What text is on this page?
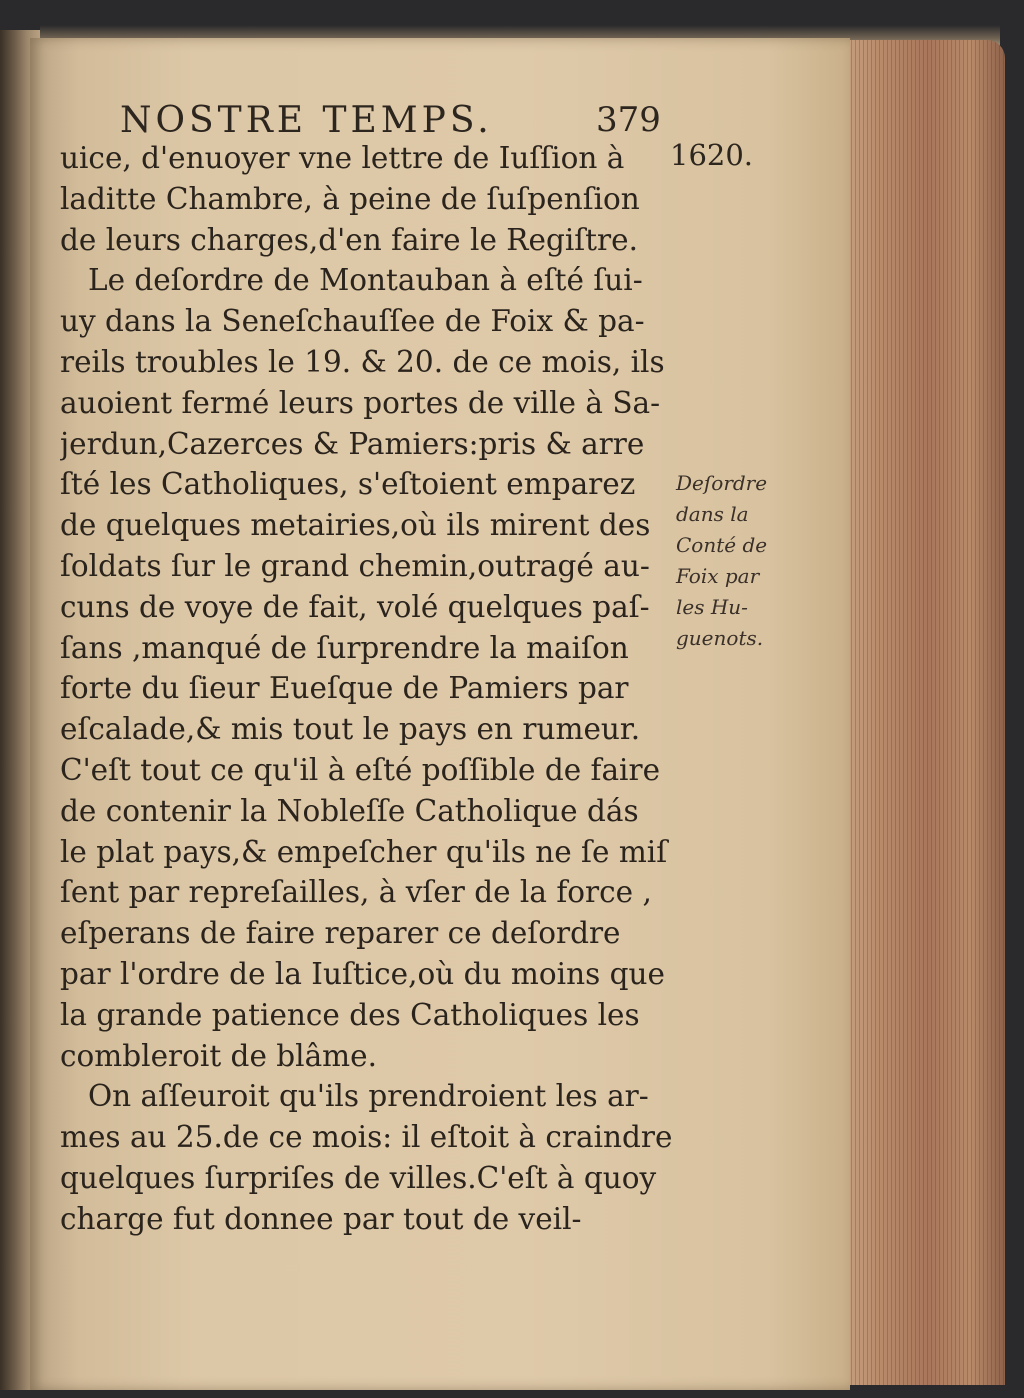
NOSTRE TEMPS.	379
1620.
uice, d'enuoyer vne lettre de Iuſſion à
laditte Chambre, à peine de ſuſpenſion
de leurs charges,d'en faire le Regiſtre.
Le deſordre de Montauban à eſté ſui-
uy dans la Seneſchauſſee de Foix & pa-
reils troubles le 19. & 20. de ce mois, ils
auoient fermé leurs portes de ville à Sa-
jerdun,Cazerces & Pamiers:pris & arre
ſté les Catholiques, s'eſtoient emparez
de quelques metairies,où ils mirent des
ſoldats ſur le grand chemin,outragé au-
cuns de voye de fait, volé quelques paſ-
ſans ,manqué de ſurprendre la maiſon
forte du ſieur Eueſque de Pamiers par
eſcalade,& mis tout le pays en rumeur.
C'eſt tout ce qu'il à eſté poſſible de faire
de contenir la Nobleſſe Catholique dás
le plat pays,& empeſcher qu'ils ne ſe miſ
ſent par repreſailles, à vſer de la force ,
eſperans de faire reparer ce deſordre
par l'ordre de la Iuſtice,où du moins que
la grande patience des Catholiques les
combleroit de blâme.
On aſſeuroit qu'ils prendroient les ar-
mes au 25.de ce mois: il eſtoit à craindre
quelques ſurpriſes de villes.C'eſt à quoy
charge fut donnee par tout de veil-
Deſordre
dans la
Conté de
Foix par
les Hu-
guenots.
